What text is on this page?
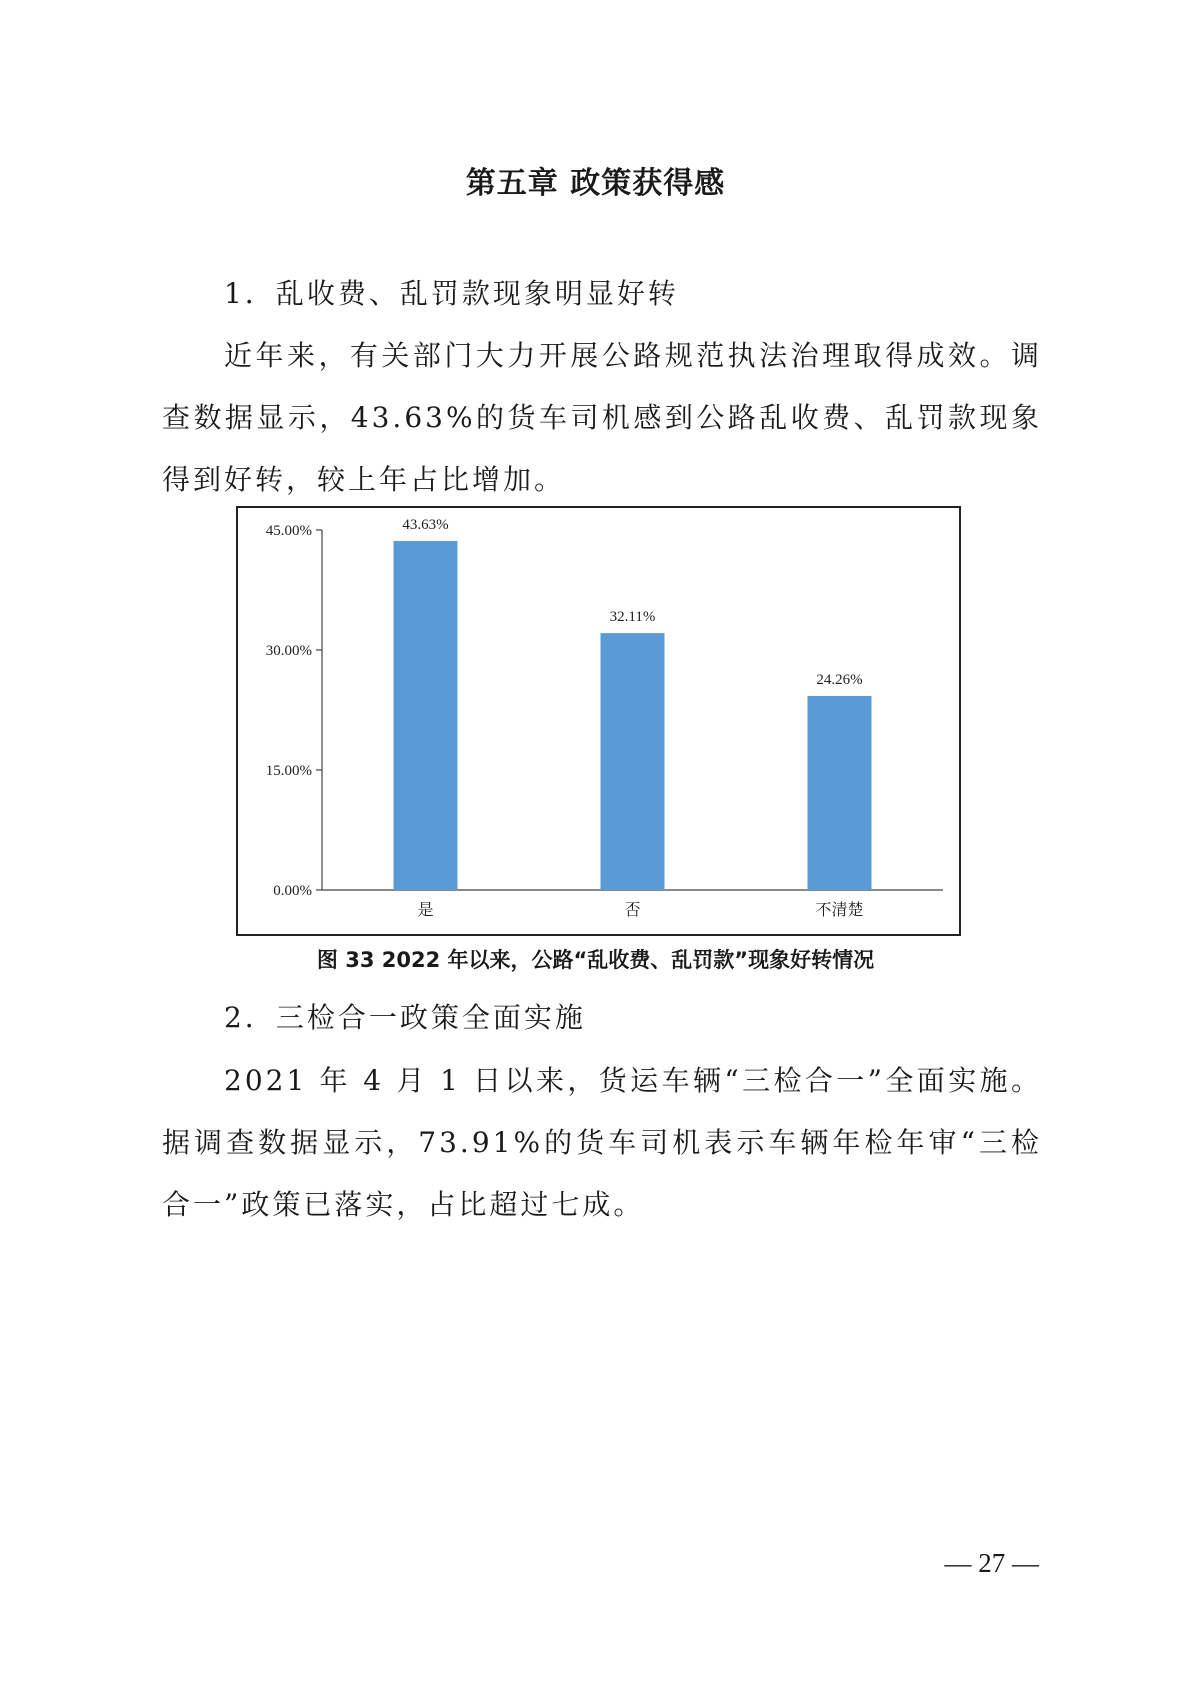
第五章 政策获得感
1．乱收费、乱罚款现象明显好转

近年来，有关部门大力开展公路规范执法治理取得成效。调查数据显示，43.63%的货车司机感到公路乱收费、乱罚款现象得到好转，较上年占比增加。

0.00%
15.00%
30.00%
45.00%	43.63%
是
32.11%
否
24.26%
不清楚

图 33 2022 年以来，公路“乱收费、乱罚款”现象好转情况

2．三检合一政策全面实施

2021 年 4 月 1 日以来，货运车辆“三检合一”全面实施。据调查数据显示，73.91%的货车司机表示车辆年检年审“三检合一”政策已落实，占比超过七成。

— 27 —
